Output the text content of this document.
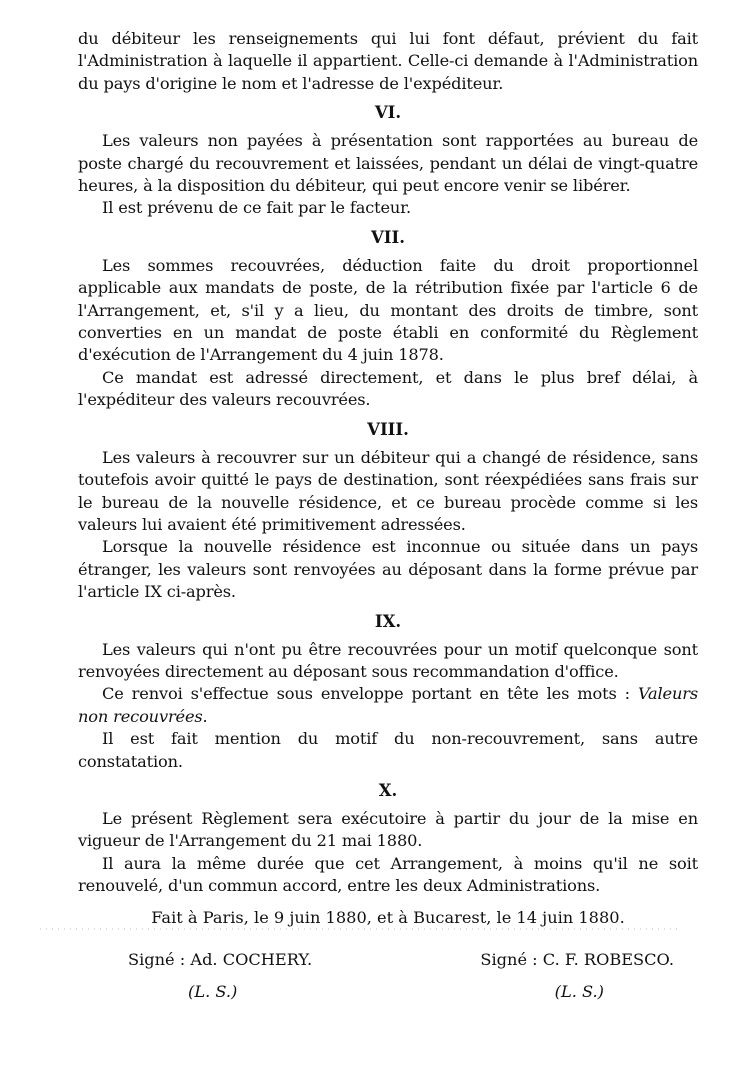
du débiteur les renseignements qui lui font défaut, prévient du fait l'Administration à laquelle il appartient. Celle-ci demande à l'Administration du pays d'origine le nom et l'adresse de l'expéditeur.

VI.

Les valeurs non payées à présentation sont rapportées au bureau de poste chargé du recouvrement et laissées, pendant un délai de vingt-quatre heures, à la disposition du débiteur, qui peut encore venir se libérer.

Il est prévenu de ce fait par le facteur.

VII.

Les sommes recouvrées, déduction faite du droit proportionnel applicable aux mandats de poste, de la rétribution fixée par l'article 6 de l'Arrangement, et, s'il y a lieu, du montant des droits de timbre, sont converties en un mandat de poste établi en conformité du Règlement d'exécution de l'Arrangement du 4 juin 1878.

Ce mandat est adressé directement, et dans le plus bref délai, à l'expéditeur des valeurs recouvrées.

VIII.

Les valeurs à recouvrer sur un débiteur qui a changé de résidence, sans toutefois avoir quitté le pays de destination, sont réexpédiées sans frais sur le bureau de la nouvelle résidence, et ce bureau procède comme si les valeurs lui avaient été primitivement adressées.

Lorsque la nouvelle résidence est inconnue ou située dans un pays étranger, les valeurs sont renvoyées au déposant dans la forme prévue par l'article IX ci-après.

IX.

Les valeurs qui n'ont pu être recouvrées pour un motif quelconque sont renvoyées directement au déposant sous recommandation d'office.

Ce renvoi s'effectue sous enveloppe portant en tête les mots : Valeurs non recouvrées.

Il est fait mention du motif du non-recouvrement, sans autre constatation.

X.

Le présent Règlement sera exécutoire à partir du jour de la mise en vigueur de l'Arrangement du 21 mai 1880.

Il aura la même durée que cet Arrangement, à moins qu'il ne soit renouvelé, d'un commun accord, entre les deux Administrations.

Fait à Paris, le 9 juin 1880, et à Bucarest, le 14 juin 1880.
Signé : Ad. COCHERY.
(L. S.)
Signé : C. F. ROBESCO.
(L. S.)
